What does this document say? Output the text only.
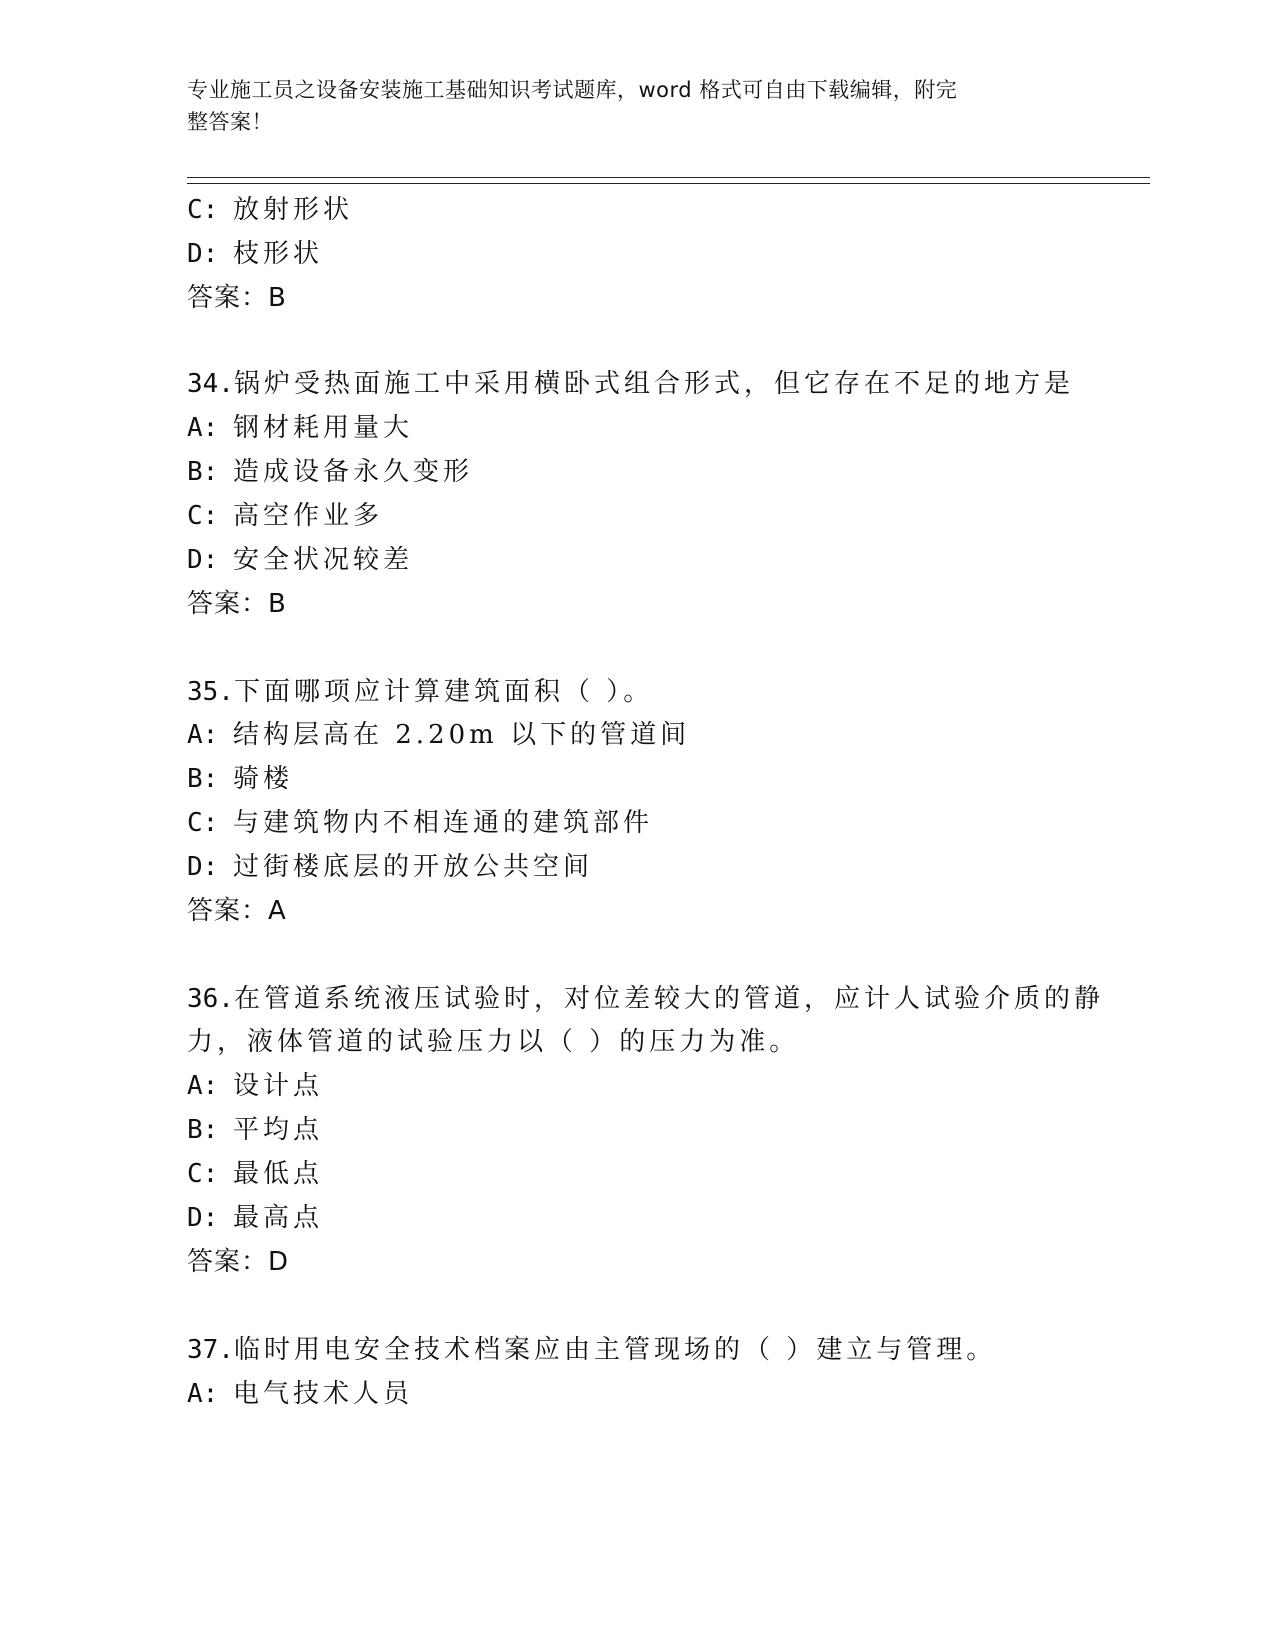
专业施工员之设备安装施工基础知识考试题库，word 格式可自由下载编辑，附完
整答案！
C: 放射形状
D: 枝形状
答案：B
34.锅炉受热面施工中采用横卧式组合形式，但它存在不足的地方是
A: 钢材耗用量大
B: 造成设备永久变形
C: 高空作业多
D: 安全状况较差
答案：B
35.下面哪项应计算建筑面积（ ）。
A: 结构层高在 2.20m 以下的管道间
B: 骑楼
C: 与建筑物内不相连通的建筑部件
D: 过街楼底层的开放公共空间
答案：A
36.在管道系统液压试验时，对位差较大的管道，应计人试验介质的静
力，液体管道的试验压力以（ ）的压力为准。
A: 设计点
B: 平均点
C: 最低点
D: 最高点
答案：D
37.临时用电安全技术档案应由主管现场的（ ）建立与管理。
A: 电气技术人员
